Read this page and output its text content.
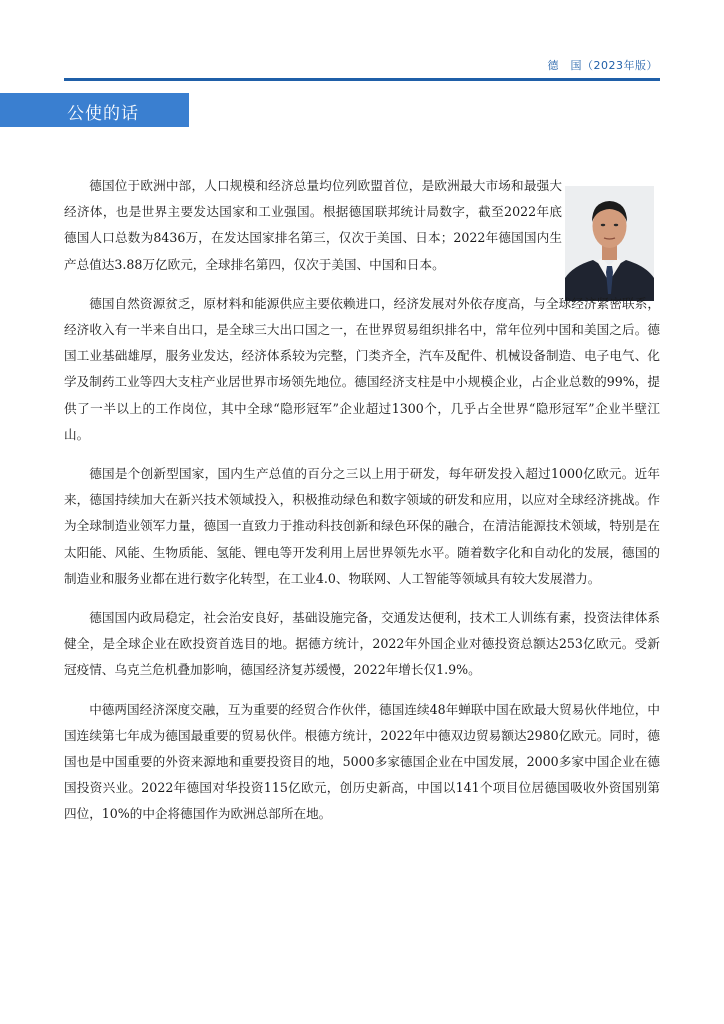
德　国（2023年版）
公使的话

德国位于欧洲中部，人口规模和经济总量均位列欧盟首位，是欧洲最大市场和最强大经济体，也是世界主要发达国家和工业强国。根据德国联邦统计局数字，截至2022年底德国人口总数为8436万，在发达国家排名第三，仅次于美国、日本；2022年德国国内生产总值达3.88万亿欧元，全球排名第四，仅次于美国、中国和日本。

德国自然资源贫乏，原材料和能源供应主要依赖进口，经济发展对外依存度高，与全球经济紧密联系，经济收入有一半来自出口，是全球三大出口国之一，在世界贸易组织排名中，常年位列中国和美国之后。德国工业基础雄厚，服务业发达，经济体系较为完整，门类齐全，汽车及配件、机械设备制造、电子电气、化学及制药工业等四大支柱产业居世界市场领先地位。德国经济支柱是中小规模企业，占企业总数的99%，提供了一半以上的工作岗位，其中全球“隐形冠军”企业超过1300个，几乎占全世界“隐形冠军”企业半壁江山。

德国是个创新型国家，国内生产总值的百分之三以上用于研发，每年研发投入超过1000亿欧元。近年来，德国持续加大在新兴技术领域投入，积极推动绿色和数字领域的研发和应用，以应对全球经济挑战。作为全球制造业领军力量，德国一直致力于推动科技创新和绿色环保的融合，在清洁能源技术领域，特别是在太阳能、风能、生物质能、氢能、锂电等开发利用上居世界领先水平。随着数字化和自动化的发展，德国的制造业和服务业都在进行数字化转型，在工业4.0、物联网、人工智能等领域具有较大发展潜力。

德国国内政局稳定，社会治安良好，基础设施完备，交通发达便利，技术工人训练有素，投资法律体系健全，是全球企业在欧投资首选目的地。据德方统计，2022年外国企业对德投资总额达253亿欧元。受新冠疫情、乌克兰危机叠加影响，德国经济复苏缓慢，2022年增长仅1.9%。

中德两国经济深度交融，互为重要的经贸合作伙伴，德国连续48年蝉联中国在欧最大贸易伙伴地位，中国连续第七年成为德国最重要的贸易伙伴。根德方统计，2022年中德双边贸易额达2980亿欧元。同时，德国也是中国重要的外资来源地和重要投资目的地，5000多家德国企业在中国发展，2000多家中国企业在德国投资兴业。2022年德国对华投资115亿欧元，创历史新高，中国以141个项目位居德国吸收外资国别第四位，10%的中企将德国作为欧洲总部所在地。
